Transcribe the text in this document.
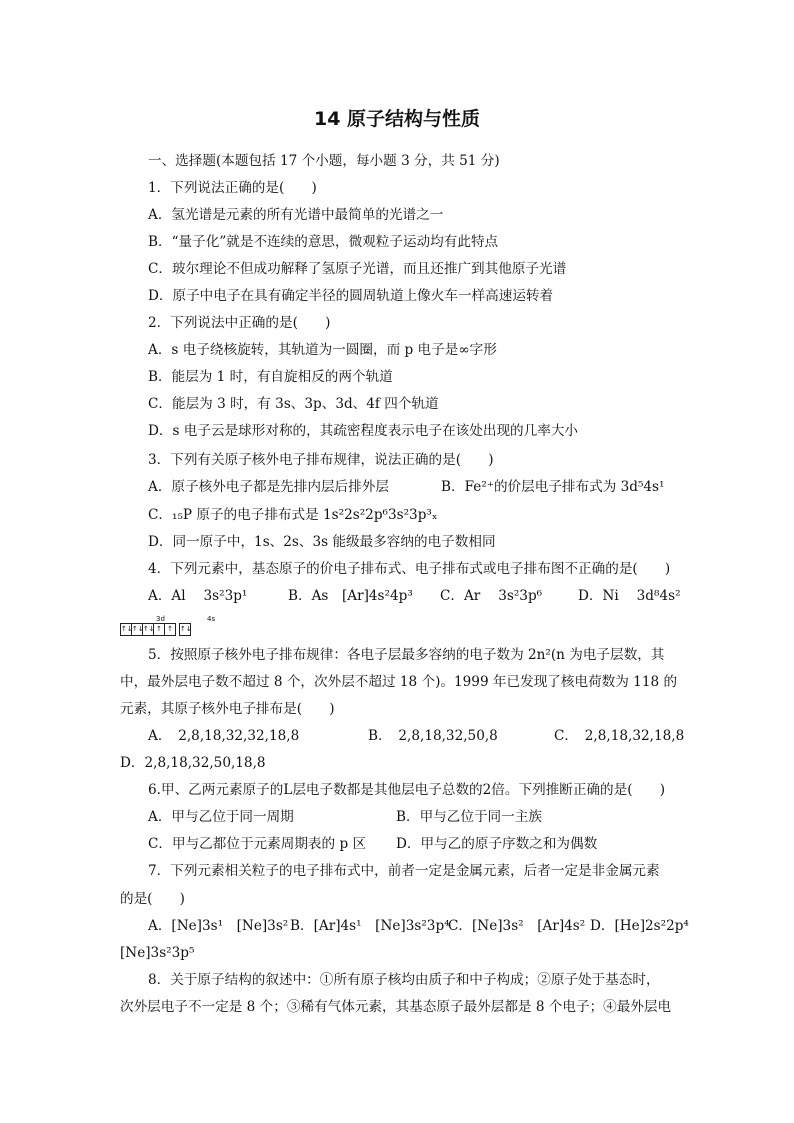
14 原子结构与性质
一、选择题(本题包括 17 个小题，每小题 3 分，共 51 分)
1．下列说法正确的是(　　)
A．氢光谱是元素的所有光谱中最简单的光谱之一
B．“量子化”就是不连续的意思，微观粒子运动均有此特点
C．玻尔理论不但成功解释了氢原子光谱，而且还推广到其他原子光谱
D．原子中电子在具有确定半径的圆周轨道上像火车一样高速运转着
2．下列说法中正确的是(　　)
A．s 电子绕核旋转，其轨道为一圆圈，而 p 电子是∞字形
B．能层为 1 时，有自旋相反的两个轨道
C．能层为 3 时，有 3s、3p、3d、4f 四个轨道
D．s 电子云是球形对称的，其疏密程度表示电子在该处出现的几率大小
3．下列有关原子核外电子排布规律，说法正确的是(　　)
A．原子核外电子都是先排内层后排外层	B．Fe²⁺的价层电子排布式为 3d⁵4s¹
C．₁₅P 原子的电子排布式是 1s²2s²2p⁶3s²3p³ₓ
D．同一原子中，1s、2s、3s 能级最多容纳的电子数相同
4．下列元素中，基态原子的价电子排布式、电子排布式或电子排布图不正确的是(　　)
A．Al　 3s²3p¹	B．As　[Ar]4s²4p³ C．Ar　 3s²3p⁶	D．Ni　 3d⁸4s²
3d	4s
↑↓ ↑↓ ↑↓ ↑ ↑	↑↓
5．按照原子核外电子排布规律：各电子层最多容纳的电子数为 2n²(n 为电子层数，其
中，最外层电子数不超过 8 个，次外层不超过 18 个)。1999 年已发现了核电荷数为 118 的
元素，其原子核外电子排布是(　　)
A．　2,8,18,32,32,18,8	B．　2,8,18,32,50,8	C．　2,8,18,32,18,8
D．2,8,18,32,50,18,8
6.甲、乙两元素原子的L层电子数都是其他层电子总数的2倍。下列推断正确的是(　　)
A．甲与乙位于同一周期	B．甲与乙位于同一主族
C．甲与乙都位于元素周期表的 p 区 D．甲与乙的原子序数之和为偶数
7．下列元素相关粒子的电子排布式中，前者一定是金属元素，后者一定是非金属元素
的是(　　)
A．[Ne]3s¹　[Ne]3s² B．[Ar]4s¹　[Ne]3s²3p⁴
C．[Ne]3s²　[Ar]4s² D．[He]2s²2p⁴
[Ne]3s²3p⁵
8．关于原子结构的叙述中：①所有原子核均由质子和中子构成；②原子处于基态时，
次外层电子不一定是 8 个；③稀有气体元素，其基态原子最外层都是 8 个电子；④最外层电
